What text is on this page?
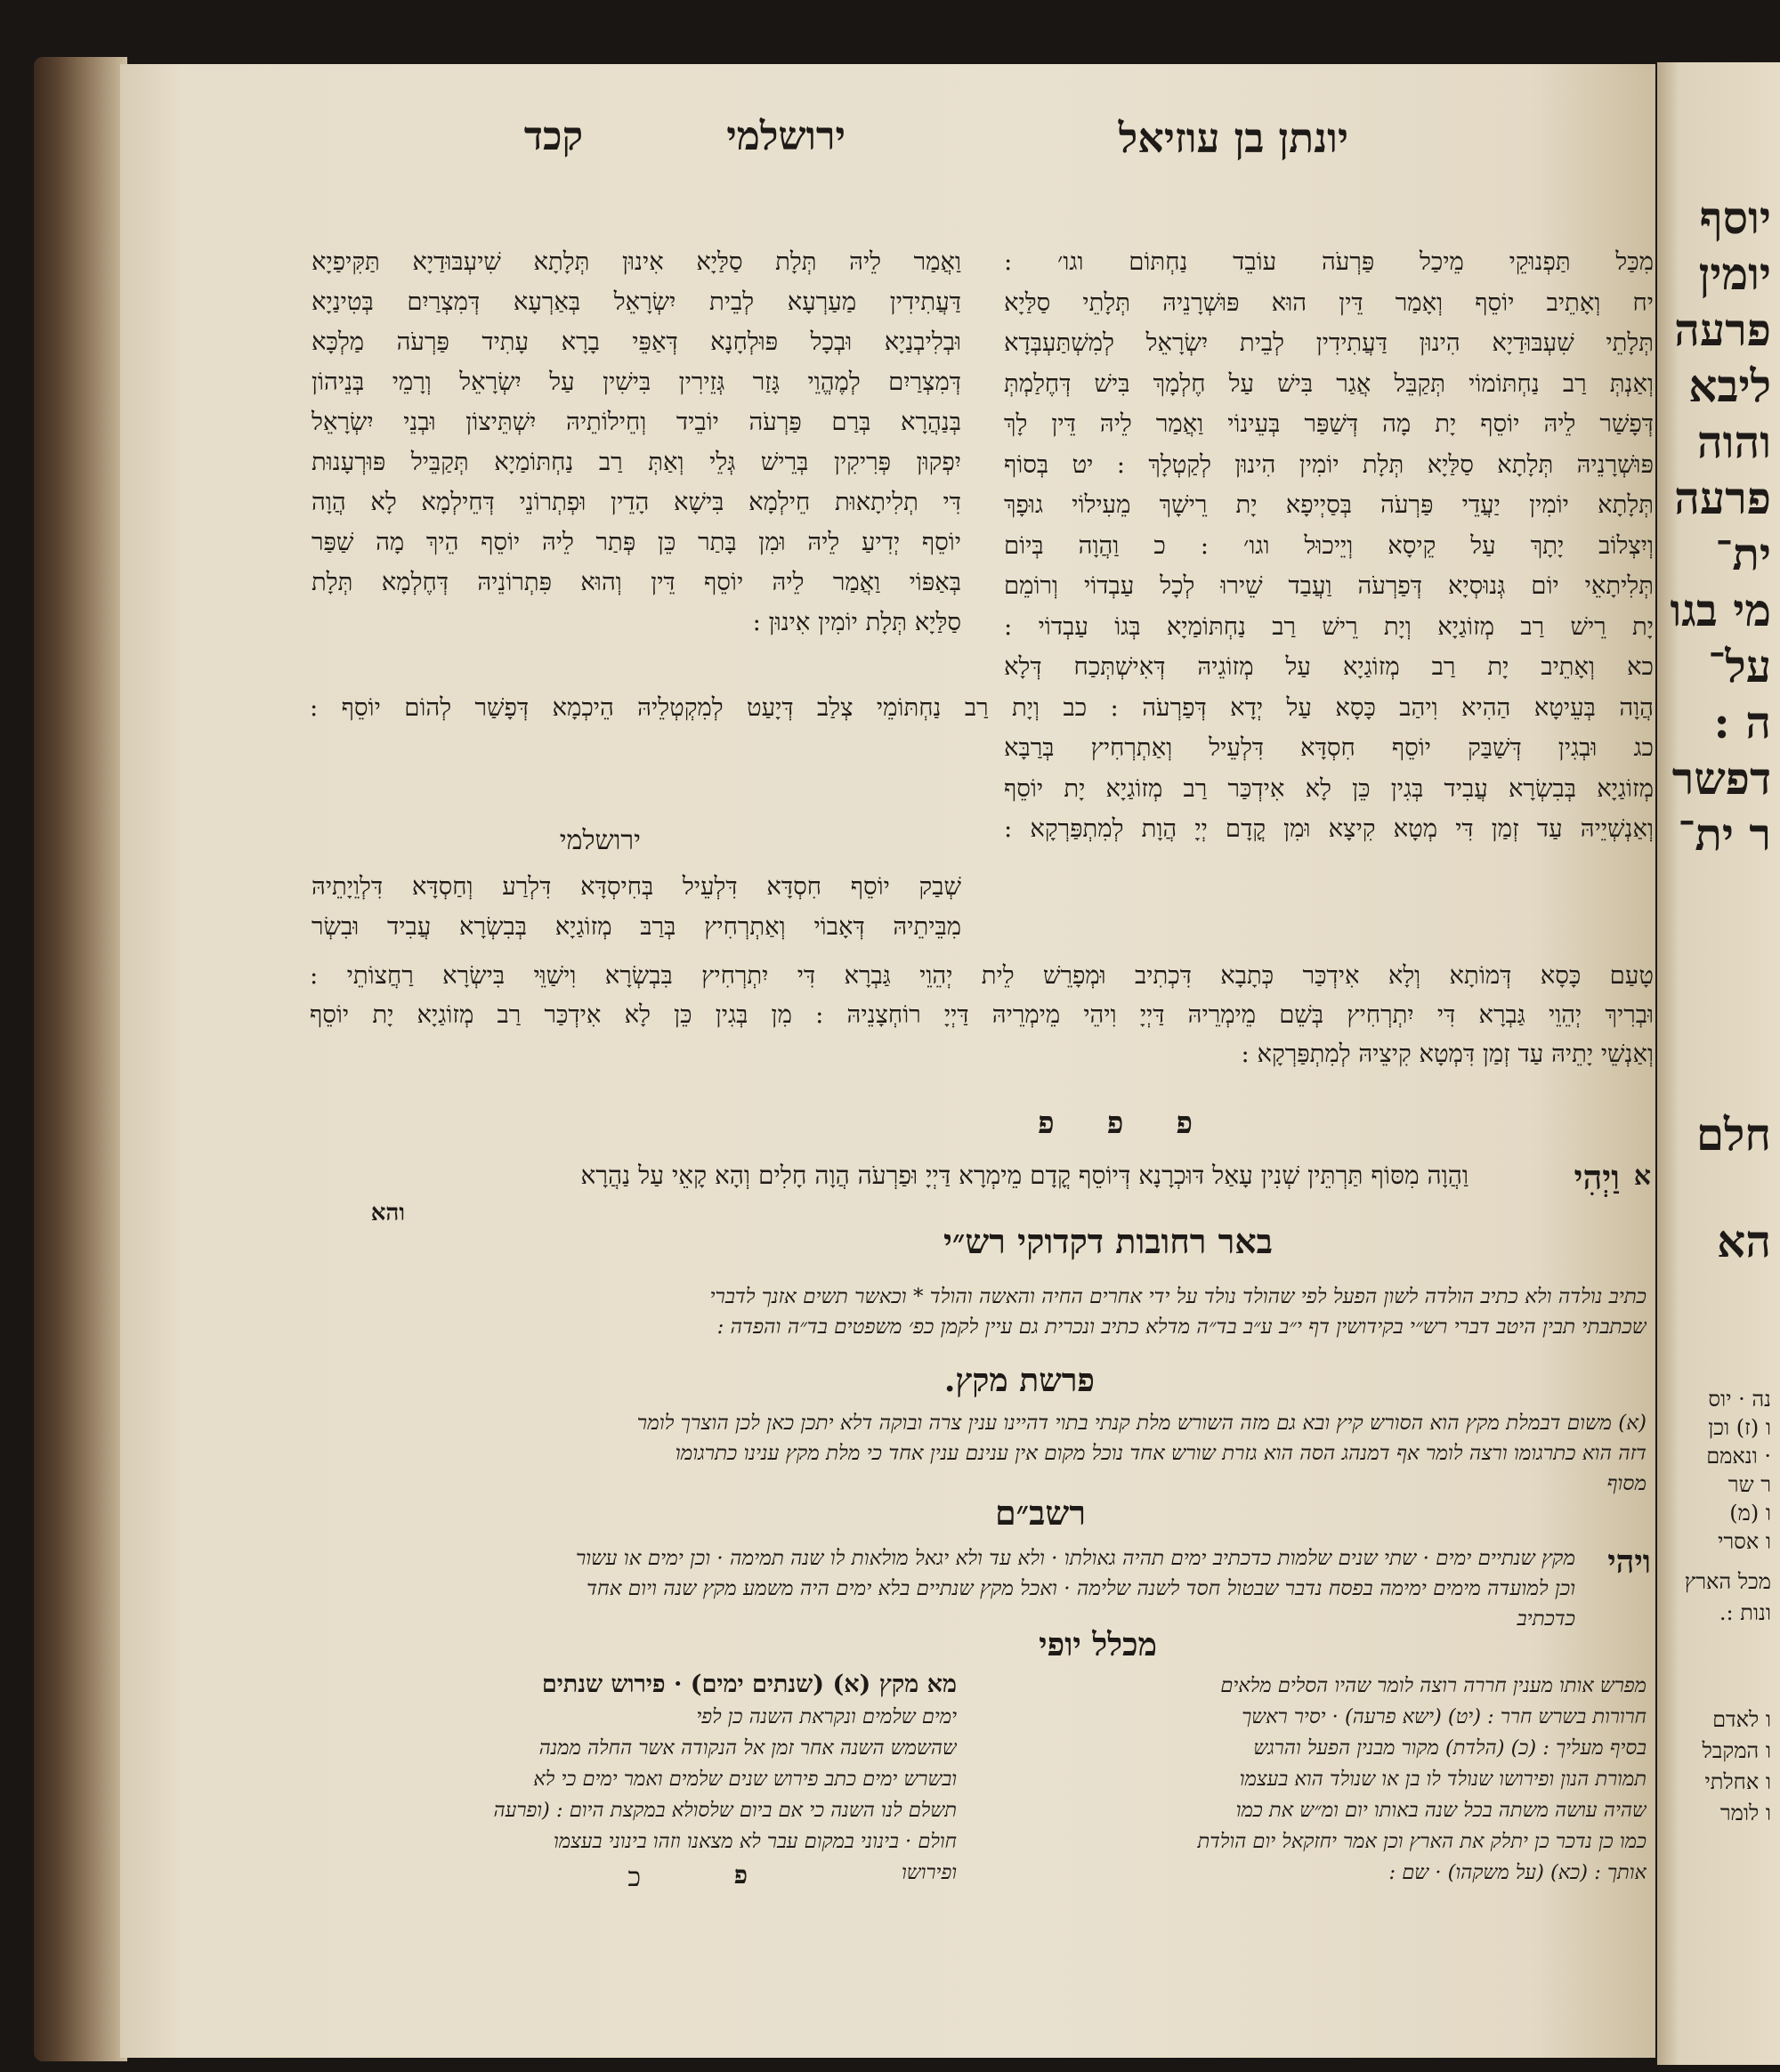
יונתן בן עוזיאל
ירושלמי
קכד
מִכַּל תַּפְנוּקֵי מֵיכַל פַּרְעֹה עוֹבֵד נַחְתּוֹם וגו׳ :
יח וְאָתֵיב יוֹסֵף וְאָמַר דֵּין הוּא פּוּשְׁרָנֵיהּ תְּלָתֵי סַלַּיָא
תְּלָתֵי שִׁעְבּוּדַיָא הִינוּן דַּעֲתִידִין לְבֵית יִשְׂרָאֵל לְמִשְׁתַּעְבְּדָא
וְאַנְתְּ רַב נַחְתּוֹמוֹי תְּקַבֵּל אֲגַר בִּישׁ עַל חֶלְמָךְ בִּישׁ דְּחֶלַמְתְּ
דְּפָשַׁר לֵיהּ יוֹסֵף יָת מָה דְּשַׁפַּר בְּעֵינוֹי וַאֲמַר לֵיהּ דֵּין לָךְ
פּוּשְׁרָנֵיהּ תְּלָתָא סַלַּיָא תְּלָת יוֹמִין הִינוּן לְקַטְלָךְ : יט בְּסוֹף
תְּלָתָא יוֹמִין יַעֲדֵי פַּרְעֹה בְּסַיְיפָא יָת רֵישָׁךְ מֵעִילוֹי גוּפָךְ
וְיִצְלוֹב יָתָךְ עַל קֵיסָא וְיֵיכוּל וגו׳ : כ וַהֲוָה בְּיוֹם
תְּלִיתָאֵי יוֹם גְּנוּסְיָא דְּפַרְעֹה וַעֲבַד שֵׁירוּ לְכָל עַבְדוֹי וְרוֹמֵם
יָת רֵישׁ רַב מְזוֹגַיָא וְיָת רֵישׁ רַב נַחְתּוֹמַיָא בְּגוֹ עַבְדוֹי :
כא וְאָתֵיב יָת רַב מְזוֹגַיָא עַל מְזוֹגֵיהּ דְּאִישְׁתְּכַח דְּלָא
הֲוָה בְּעֵיטָא הַהִיא וִיהַב כָּסָא עַל יְדָא דְּפַרְעֹה : כב וְיָת רַב נַחְתּוֹמֵי צְלַב דְּיָעַט לְמִקְטְלֵיהּ הֵיכְמָא דְּפָשַׁר לְהוֹם יוֹסֵף :
כג וּבְגִין דְּשַׁבַּק יוֹסֵף חִסְדָּא דִּלְעֵיל וְאַתְרְחִיץ בְּרַבָּא
מְזוֹגַיָא בְּבִשְׂרָא עֲבִיד בְּגִין כֵּן לָא אִידְכַּר רַב מְזוֹגַיָא יָת יוֹסֵף
וְאַנְשְׁיֵיהּ עַד זְמַן דִּי מְטָא קִיצָא וּמִן קֳדָם יְיָ הֲוָת לְמִתְפַּרְקָא :
וַאֲמַר לֵיהּ תְּלָת סַלַּיָא אִינוּן תְּלָתָא שִׁיעְבּוּדַיָא תַּקִּיפַיָא
דַּעֲתִידִין מַעַרְעָא לְבֵית יִשְׂרָאֵל בְּאַרְעָא דְּמִצְרַיִם בְּטִינַיָא
וּבְלִיבְנַיָא וּבְכָל פּוּלְחָנָא דְּאַפֵּי בָרָא עָתִיד פַּרְעֹה מַלְכָּא
דְּמִצְרַיִם לְמֶהֱוֵי גָּזַר גְּזֵירִין בִּישִׁין עַל יִשְׂרָאֵל וְרָמֵי בְּנֵיהוֹן
בְּנַהֲרָא בְּרַם פַּרְעֹה יוֹבֵיד וְחֵילוֹתֵיהּ יִשְׁתֵּיצוֹן וּבְנֵי יִשְׂרָאֵל
יִפְקוּן פְּרִיקִין בְּרֵישׁ גְּלֵי וְאַתְּ רַב נַחְתּוֹמַיָא תְּקַבֵּיל פּוּרְעָנוּת
דִּי תְלִיתָאוּת חֵילְמָא בִּישָׁא הָדֵין וּפְתְרוֹנֵי דְּחֵילְמָא לָא הֲוָה
יוֹסֵף יְדִיעַ לֵיהּ וּמִן בָּתַר כֵּן פְּתַר לֵיהּ יוֹסֵף הֵיךְ מָה שַׁפַּר
בְּאַפּוֹי וַאֲמַר לֵיהּ יוֹסֵף דֵּין וְהוּא פִּתְרוֹנֵיהּ דְּחֶלְמָא תְּלָת
סַלַּיָא תְּלָת יוֹמִין אִינוּן :
ירושלמי
שְׁבַק יוֹסֵף חִסְדָּא דִּלְעֵיל בְּחִיסְדָּא דִּלְרַע וְחַסְדָּא דִּלְוֵיָתֵיהּ
מִבֵּיתֵיהּ דְּאָבוֹי וְאַתְרְחִיץ בְּרַבּ מְזוֹגַיָא בְּבִשְׂרָא עֲבִיד וּבִשְׂר
טָעַם כָּסָא דְּמוֹתָא וְלָא אִידְכַּר כְּתָבָא דִּכְתִיב וּמְפָרֵשׁ לֵית יְהֵוֵי גַּבְרָא דִּי יִתְרְחִיץ בִּבְשְׂרָא וִישַׁוֵּי בִּישְׂרָא רַחֲצוֹתֵי :
וּבְרִיךְ יְהֵוֵי גַּבְרָא דִּי יִתְרְחִיץ בְּשֵׁם מֵימְרֵיהּ דַּיְיָ וִיהֵי מֵימְרֵיהּ דַּיְיָ רוֹחְצָנֵיהּ : מִן בְּגִין כֵּן לָא אִידְכַּר רַב מְזוֹגַיָא יָת יוֹסֵף
וְאַנְשֵׁי יָתֵיהּ עַד זְמַן דִּמְטָא קִיצֵיהּ לְמִתְפַּרְקָא :
פ     פ     פ
א
וַיְהִי
וַהֲוָה מִסּוֹף תַּרְתֵּין שְׁנִין עָאַל דּוּכְרָנָא דְּיוֹסֵף קֳדָם מֵימְרָא דַּיְיָ וּפַרְעֹה הֲוָה חָלִים וְהָא קָאֵי עַל נַהֲרָא
והא
באר רחובות דקדוקי רש״י
כתיב נולדה ולא כתיב הולדה לשון הפעל לפי שהולד נולד על ידי אחרים החיה והאשה והולד * וכאשר תשים אזנך לדברי
שכתבתי תבין היטב דברי רש״י בקידושין דף י״ב ע״ב בד״ה מדלא כתיב ונכרית גם עיין לקמן כפ׳ משפטים בד״ה והפדה :
פרשת מקץ.
(א) משום דבמלת מקץ הוא הסורש קיץ ובא גם מזה השורש מלת קנתי בתוי דהיינו ענין צרה ובוקה דלא יתכן כאן לכן הוצרך לומר
דזה הוא כתרגומו ורצה לומר אף דמנהג הסה הוא גזרת שורש אחד נוכל מקום אין ענינם ענין אחד כי מלת מקץ ענינו כתרגומו
מסוף
רשב״ם
ויהי
מקץ שנתיים ימים · שתי שנים שלמות כדכתיב ימים תהיה גאולתו · ולא עד ולא יגאל מולאות לו שנה תמימה · וכן ימים או עשור
וכן למועדה מימים ימימה בפסח נדבר שבטול חסד לשנה שלימה · ואכל מקץ שנתיים בלא ימים היה משמע מקץ שנה ויום אחד
כדכתיב
מכלל יופי
מפרש אותו מענין חררה רוצה לומר שהיו הסלים מלאים
חרורות בשרש חרר : (יט) (ישא פרעה) · יסיר ראשך
בסיף מעליך : (כ) (הלדת) מקור מבנין הפעל והרגש
תמורת הנון ופירושו שנולד לו בן או שנולד הוא בעצמו
שהיה עושה משתה בכל שנה באותו יום ומ״ש את כמו
כמו כן נדכר כן יתלק את הארץ וכן אמר יחזקאל יום הולדת
אותך : (כא) (על משקהו) · שם :
מא מקץ (א) (שנתים ימים) · פירוש שנתים
ימים שלמים ונקראת השנה כן לפי
שהשמש השנה אחר זמן אל הנקודה אשר החלה ממנה
ובשרש ימים כתב פירוש שנים שלמים ואמר ימים כי לא
תשלם לנו השנה כי אם ביום שלסולא במקצת היום : (ופרעה
חולם · בינוני במקום עבר לא מצאנו וזהו בינוני בעצמו
ופירושו
כ	פ
יוסף
יומין
פרעה
ליבא
והוה
פרעה
ית־
מי בגו
על־
ה :
דפשר
ר ית־
חלם
הא
נה · יוס
ו (ז) וכן
· ונאמם
ר שר
ו (מ)
ו אסרי
מכל הארץ
ונות :.
ו לאדם
ו המקבל
ו אחלתי
ו לומר
